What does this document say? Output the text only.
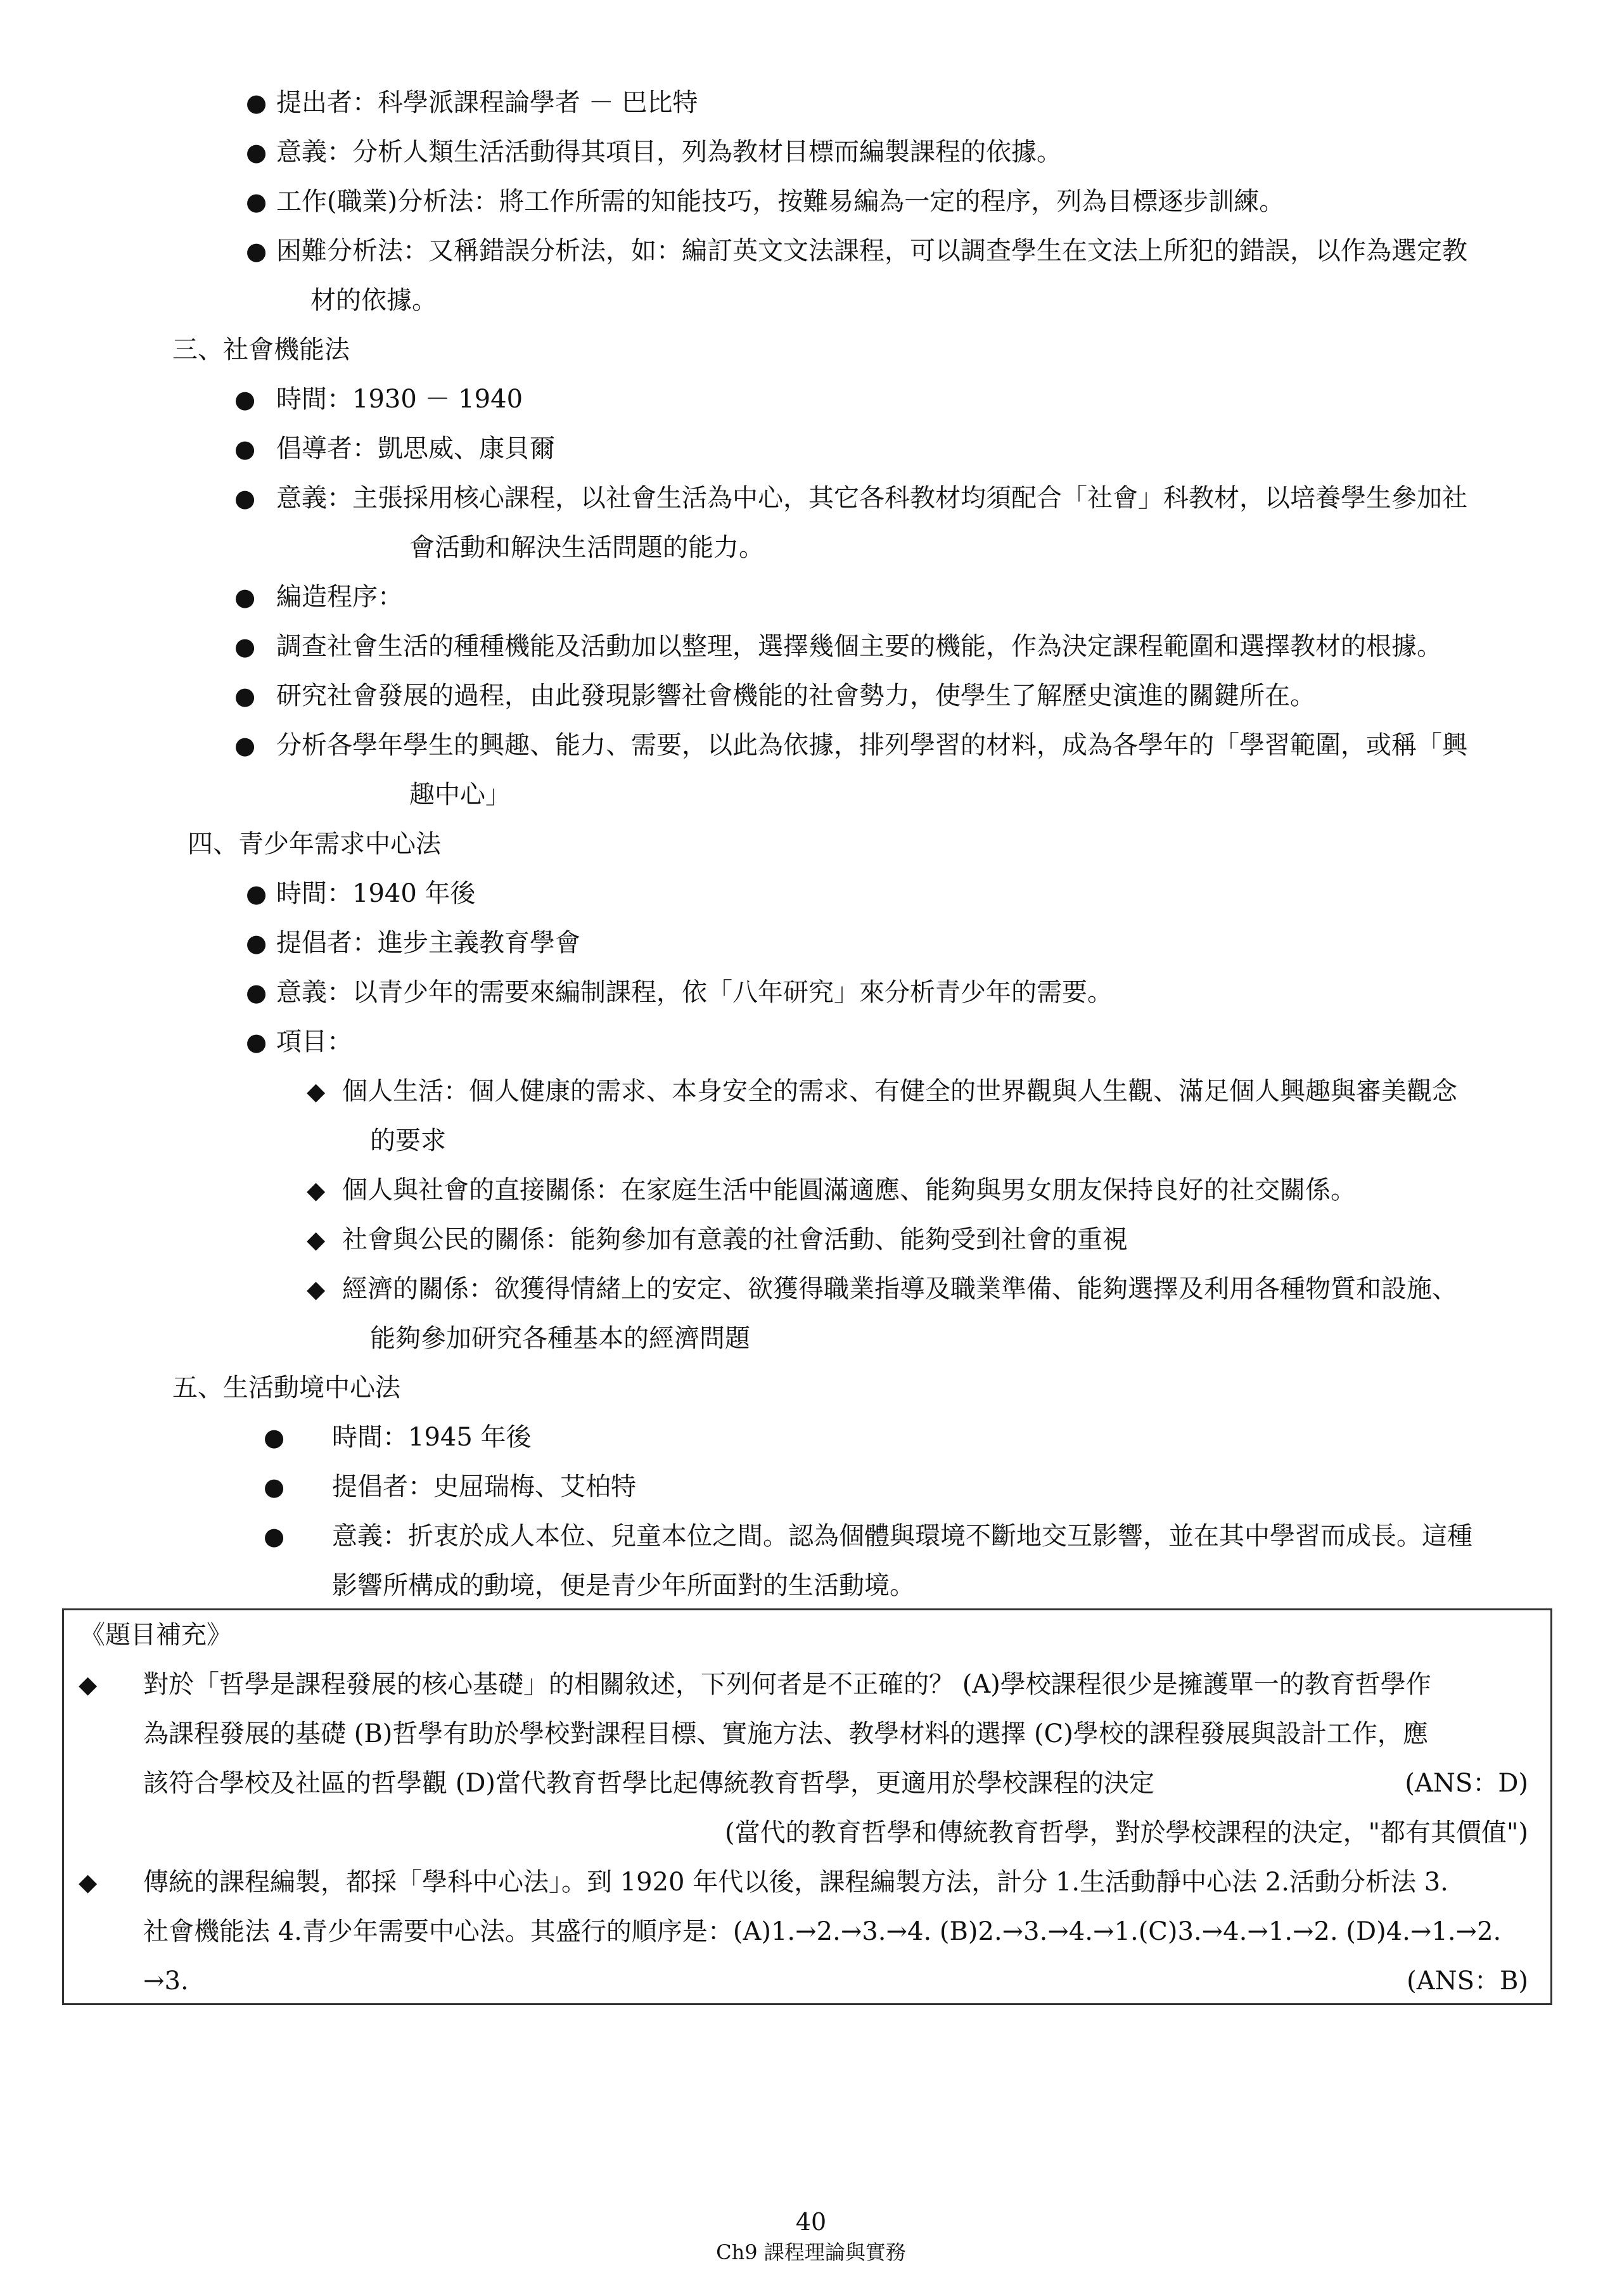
● 提出者：科學派課程論學者 － 巴比特
● 意義：分析人類生活活動得其項目，列為教材目標而編製課程的依據。
● 工作(職業)分析法：將工作所需的知能技巧，按難易編為一定的程序，列為目標逐步訓練。
● 困難分析法：又稱錯誤分析法，如：編訂英文文法課程，可以調查學生在文法上所犯的錯誤，以作為選定教
材的依據。
三、社會機能法
● 時間：1930 － 1940
● 倡導者：凱思威、康貝爾
● 意義：主張採用核心課程，以社會生活為中心，其它各科教材均須配合「社會」科教材，以培養學生參加社
會活動和解決生活問題的能力。
● 編造程序：
● 調查社會生活的種種機能及活動加以整理，選擇幾個主要的機能，作為決定課程範圍和選擇教材的根據。
● 研究社會發展的過程，由此發現影響社會機能的社會勢力，使學生了解歷史演進的關鍵所在。
● 分析各學年學生的興趣、能力、需要，以此為依據，排列學習的材料，成為各學年的「學習範圍，或稱「興
趣中心」
四、青少年需求中心法
● 時間：1940 年後
● 提倡者：進步主義教育學會
● 意義：以青少年的需要來編制課程，依「八年研究」來分析青少年的需要。
● 項目：
◆ 個人生活：個人健康的需求、本身安全的需求、有健全的世界觀與人生觀、滿足個人興趣與審美觀念
的要求
◆ 個人與社會的直接關係：在家庭生活中能圓滿適應、能夠與男女朋友保持良好的社交關係。
◆ 社會與公民的關係：能夠參加有意義的社會活動、能夠受到社會的重視
◆ 經濟的關係：欲獲得情緒上的安定、欲獲得職業指導及職業準備、能夠選擇及利用各種物質和設施、
能夠參加研究各種基本的經濟問題
五、生活動境中心法
● 時間：1945 年後
● 提倡者：史屈瑞梅、艾柏特
● 意義：折衷於成人本位、兒童本位之間。認為個體與環境不斷地交互影響，並在其中學習而成長。這種
影響所構成的動境，便是青少年所面對的生活動境。
《題目補充》
◆ 對於「哲學是課程發展的核心基礎」的相關敘述，下列何者是不正確的？ (A)學校課程很少是擁護單一的教育哲學作
為課程發展的基礎 (B)哲學有助於學校對課程目標、實施方法、教學材料的選擇 (C)學校的課程發展與設計工作，應
該符合學校及社區的哲學觀 (D)當代教育哲學比起傳統教育哲學，更適用於學校課程的決定	(ANS：D)
(當代的教育哲學和傳統教育哲學，對於學校課程的決定，"都有其價值")
◆ 傳統的課程編製，都採「學科中心法」。到 1920 年代以後，課程編製方法，計分 1.生活動靜中心法 2.活動分析法 3.
社會機能法 4.青少年需要中心法。其盛行的順序是：(A)1.→2.→3.→4. (B)2.→3.→4.→1.(C)3.→4.→1.→2. (D)4.→1.→2.
→3.	(ANS：B)
40
Ch9 課程理論與實務
